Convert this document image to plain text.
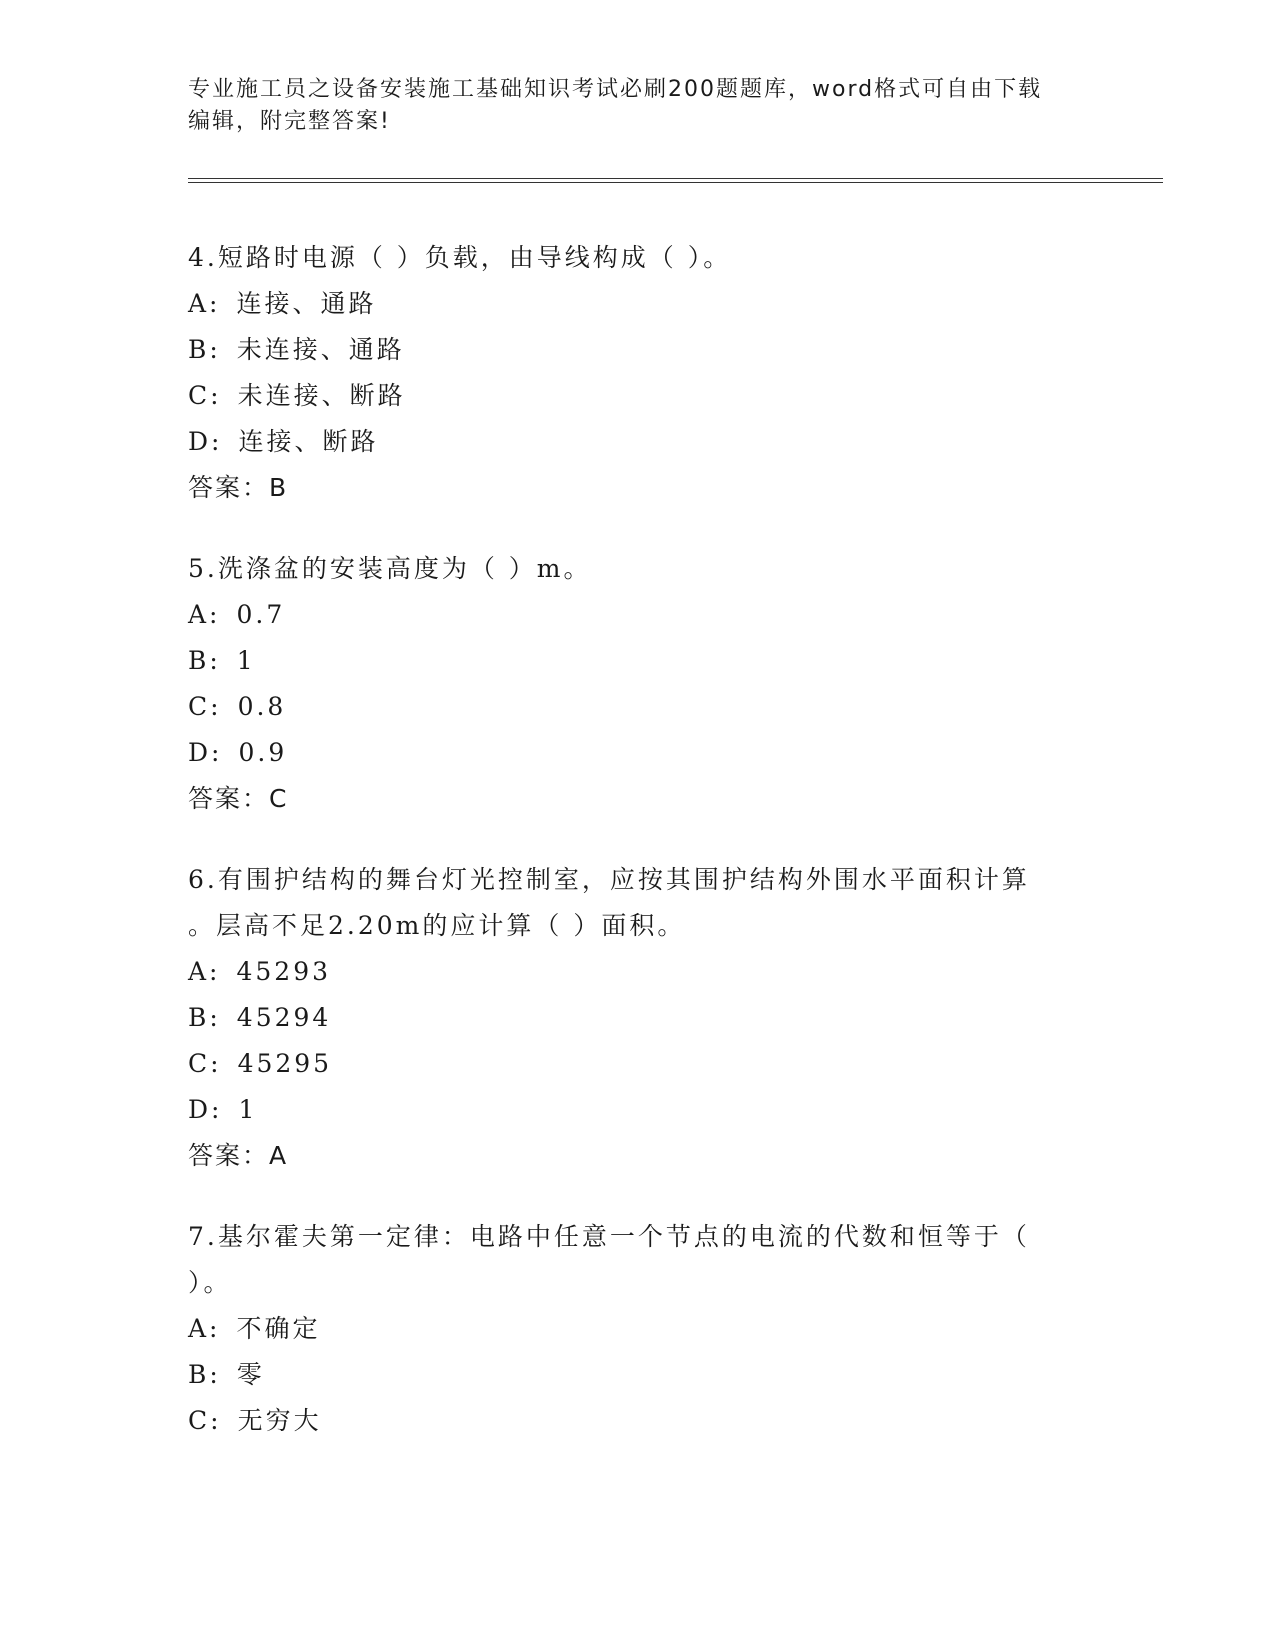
专业施工员之设备安装施工基础知识考试必刷200题题库，word格式可自由下载
编辑，附完整答案!
4.短路时电源（ ）负载，由导线构成（ ）。
A: 连接、通路
B: 未连接、通路
C: 未连接、断路
D: 连接、断路
答案：B
5.洗涤盆的安装高度为（ ）m。
A: 0.7
B: 1
C: 0.8
D: 0.9
答案：C
6.有围护结构的舞台灯光控制室，应按其围护结构外围水平面积计算
。层高不足2.20m的应计算（ ）面积。
A: 45293
B: 45294
C: 45295
D: 1
答案：A
7.基尔霍夫第一定律：电路中任意一个节点的电流的代数和恒等于（
）。
A: 不确定
B: 零
C: 无穷大
